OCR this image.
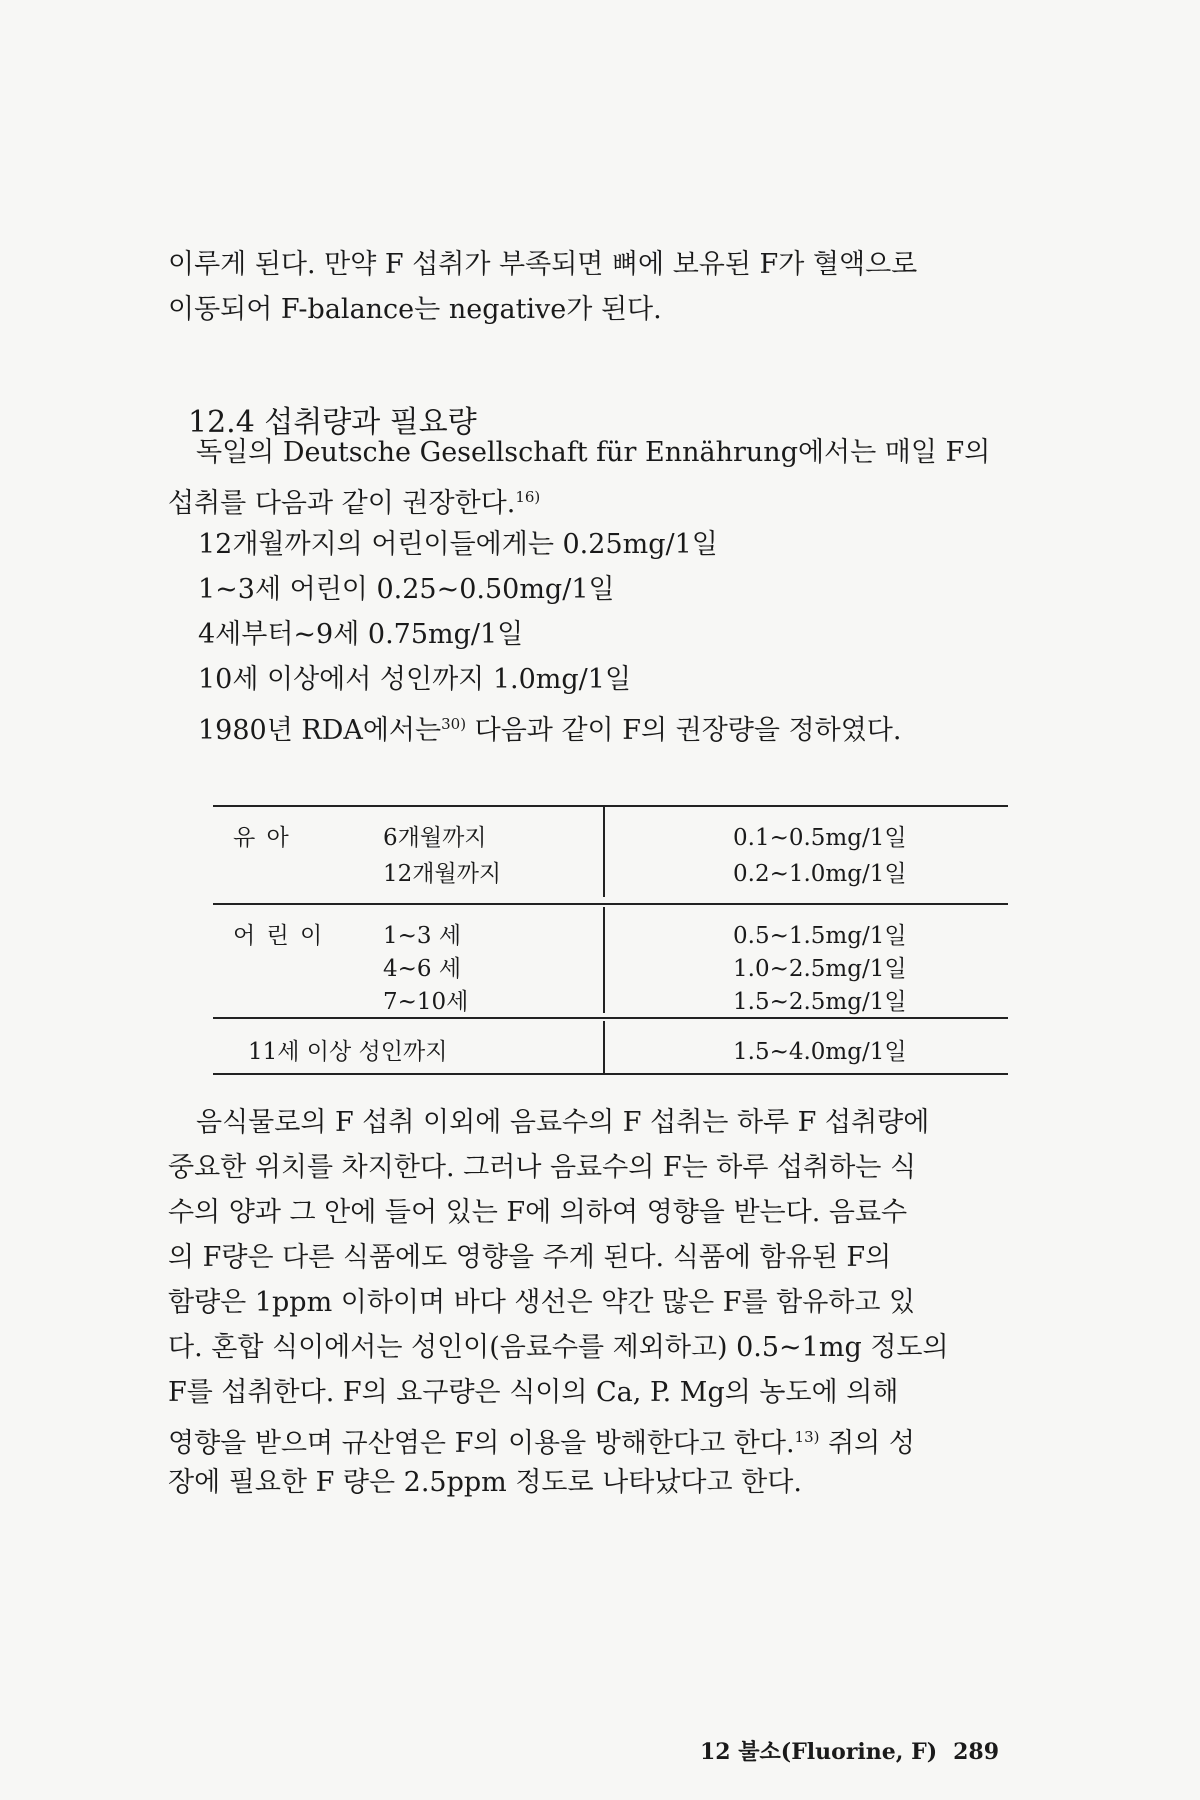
이루게 된다. 만약 F 섭취가 부족되면 뼈에 보유된 F가 혈액으로
이동되어 F-balance는 negative가 된다.
12.4 섭취량과 필요량
독일의 Deutsche Gesellschaft für Ennährung에서는 매일 F의
섭취를 다음과 같이 권장한다.$^{16)}$
12개월까지의 어린이들에게는 0.25mg/1일
1~3세 어린이 0.25~0.50mg/1일
4세부터~9세 0.75mg/1일
10세 이상에서 성인까지 1.0mg/1일
1980년 RDA에서는$^{30)}$ 다음과 같이 F의 권장량을 정하였다.
유 아	6개월까지	0.1~0.5mg/1일
12개월까지	0.2~1.0mg/1일
어 린 이	1~3 세	0.5~1.5mg/1일
4~6 세	1.0~2.5mg/1일
7~10세	1.5~2.5mg/1일
11세 이상 성인까지	1.5~4.0mg/1일
음식물로의 F 섭취 이외에 음료수의 F 섭취는 하루 F 섭취량에
중요한 위치를 차지한다. 그러나 음료수의 F는 하루 섭취하는 식
수의 양과 그 안에 들어 있는 F에 의하여 영향을 받는다. 음료수
의 F량은 다른 식품에도 영향을 주게 된다. 식품에 함유된 F의
함량은 1ppm 이하이며 바다 생선은 약간 많은 F를 함유하고 있
다. 혼합 식이에서는 성인이(음료수를 제외하고) 0.5~1mg 정도의
F를 섭취한다. F의 요구량은 식이의 Ca, P. Mg의 농도에 의해
영향을 받으며 규산염은 F의 이용을 방해한다고 한다.$^{13)}$ 쥐의 성
장에 필요한 F 량은 2.5ppm 정도로 나타났다고 한다.
12 불소(Fluorine, F) 289
